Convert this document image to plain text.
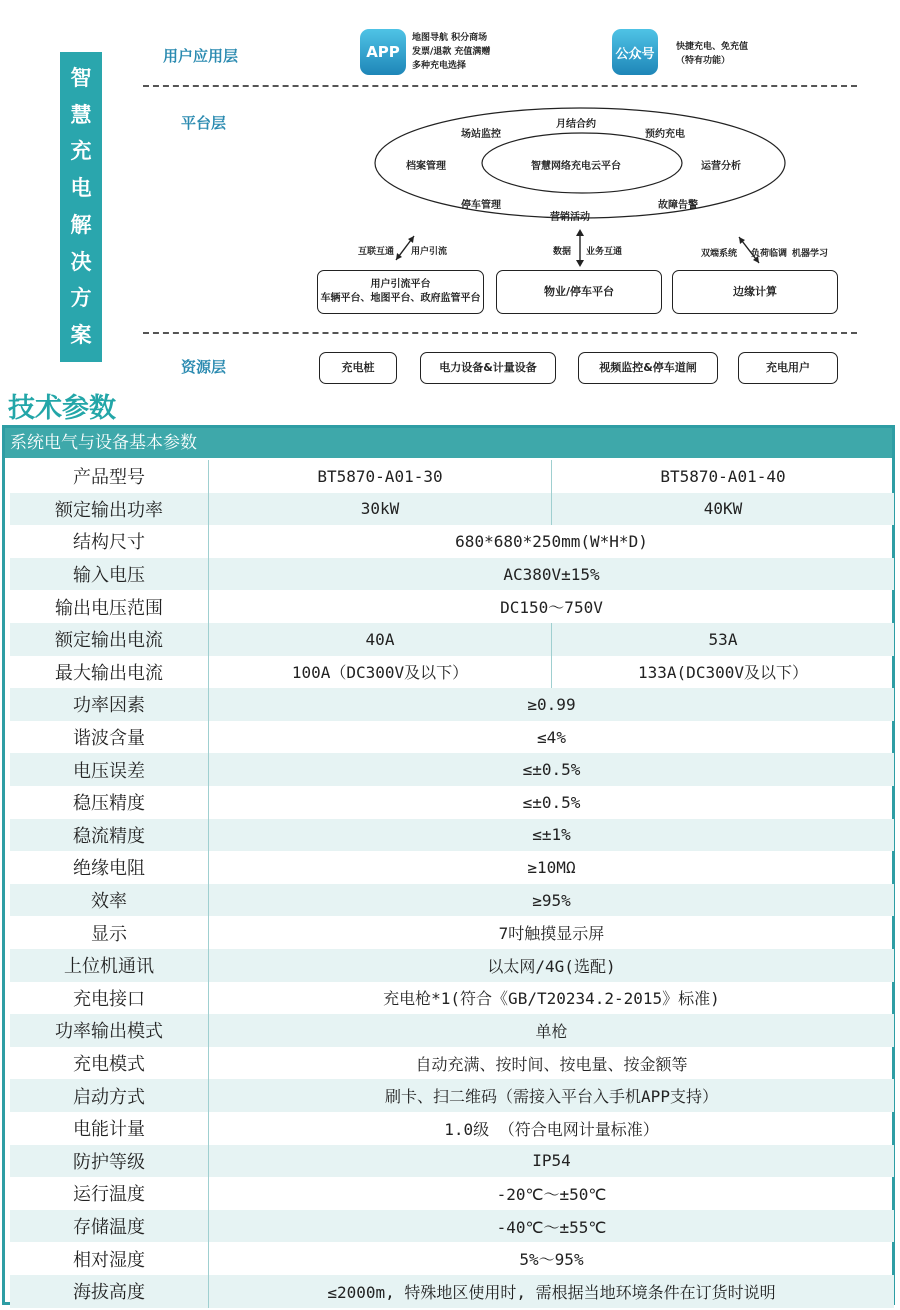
智
慧
充
电
解
决
方
案
用户应用层
平台层
资源层
APP
地图导航 积分商场
发票/退款 充值满赠
多种充电选择
公众号	快捷充电、免充值
（特有功能）
智慧网络充电云平台
场站监控
月结合约
预约充电
档案管理	运营分析
停车管理
营销活动
故障告警
互联互通 用户引流	数据 业务互通	双端系统 负荷临调 机器学习
用户引流平台
车辆平台、地图平台、政府监管平台
物业/停车平台	边缘计算
充电桩	电力设备&计量设备	视频监控&停车道闸	充电用户
技术参数
系统电气与设备基本参数
产品型号	BT5870-A01-30	BT5870-A01-40
额定输出功率	30kW	40KW
结构尺寸	680*680*250mm(W*H*D)
输入电压	AC380V±15%
输出电压范围	DC150～750V
额定输出电流	40A	53A
最大输出电流	100A（DC300V及以下）	133A(DC300V及以下）
功率因素	≥0.99
谐波含量	≤4%
电压误差	≤±0.5%
稳压精度	≤±0.5%
稳流精度	≤±1%
绝缘电阻	≥10MΩ
效率	≥95%
显示	7吋触摸显示屏
上位机通讯	以太网/4G(选配)
充电接口	充电枪*1(符合《GB/T20234.2-2015》标准)
功率输出模式	单枪
充电模式	自动充满、按时间、按电量、按金额等
启动方式	刷卡、扫二维码（需接入平台入手机APP支持）
电能计量	1.0级 （符合电网计量标准）
防护等级	IP54
运行温度	-20℃～±50℃
存储温度	-40℃～±55℃
相对湿度	5%～95%
海拔高度	≤2000m, 特殊地区使用时, 需根据当地环境条件在订货时说明
